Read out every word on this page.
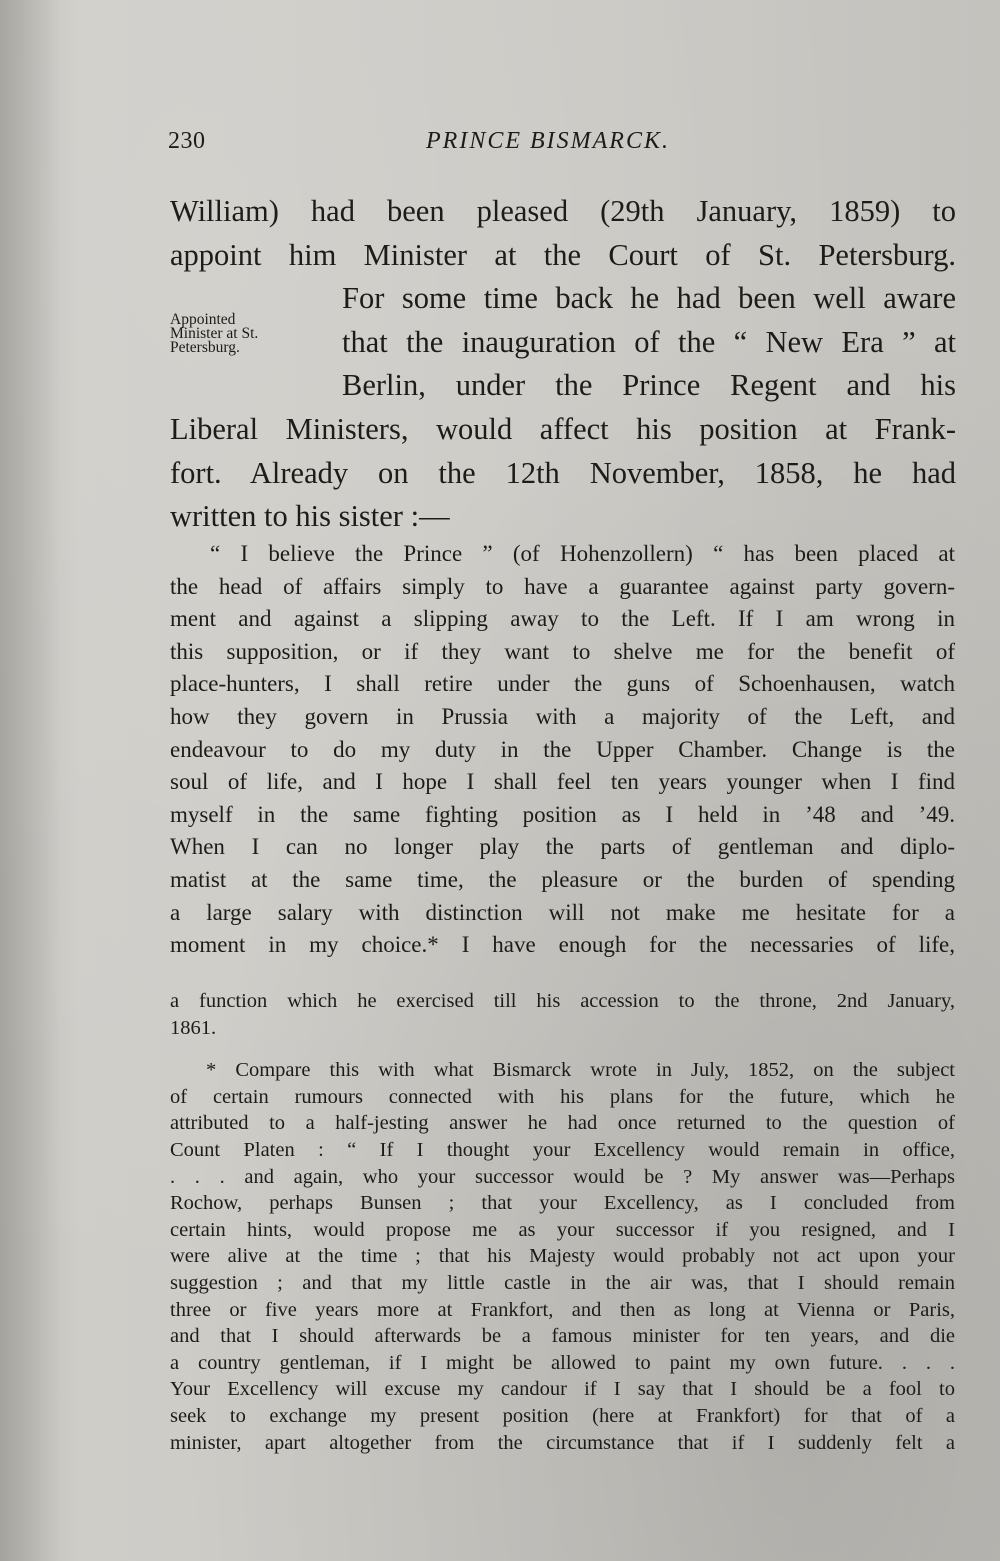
230	PRINCE BISMARCK.
William) had been pleased (29th January, 1859) to
appoint him Minister at the Court of St. Petersburg.
For some time back he had been well aware
that the inauguration of the “ New Era ” at
Berlin, under the Prince Regent and his
Liberal Ministers, would affect his position at Frank-
fort. Already on the 12th November, 1858, he had
written to his sister :—
Appointed
Minister at St.
Petersburg.
“ I believe the Prince ” (of Hohenzollern) “ has been placed at
the head of affairs simply to have a guarantee against party govern-
ment and against a slipping away to the Left. If I am wrong in
this supposition, or if they want to shelve me for the benefit of
place-hunters, I shall retire under the guns of Schoenhausen, watch
how they govern in Prussia with a majority of the Left, and
endeavour to do my duty in the Upper Chamber. Change is the
soul of life, and I hope I shall feel ten years younger when I find
myself in the same fighting position as I held in ’48 and ’49.
When I can no longer play the parts of gentleman and diplo-
matist at the same time, the pleasure or the burden of spending
a large salary with distinction will not make me hesitate for a
moment in my choice.* I have enough for the necessaries of life,
a function which he exercised till his accession to the throne, 2nd January,
1861.
* Compare this with what Bismarck wrote in July, 1852, on the subject
of certain rumours connected with his plans for the future, which he
attributed to a half-jesting answer he had once returned to the question of
Count Platen : “ If I thought your Excellency would remain in office,
. . . and again, who your successor would be ? My answer was—Perhaps
Rochow, perhaps Bunsen ; that your Excellency, as I concluded from
certain hints, would propose me as your successor if you resigned, and I
were alive at the time ; that his Majesty would probably not act upon your
suggestion ; and that my little castle in the air was, that I should remain
three or five years more at Frankfort, and then as long at Vienna or Paris,
and that I should afterwards be a famous minister for ten years, and die
a country gentleman, if I might be allowed to paint my own future. . . .
Your Excellency will excuse my candour if I say that I should be a fool to
seek to exchange my present position (here at Frankfort) for that of a
minister, apart altogether from the circumstance that if I suddenly felt a
